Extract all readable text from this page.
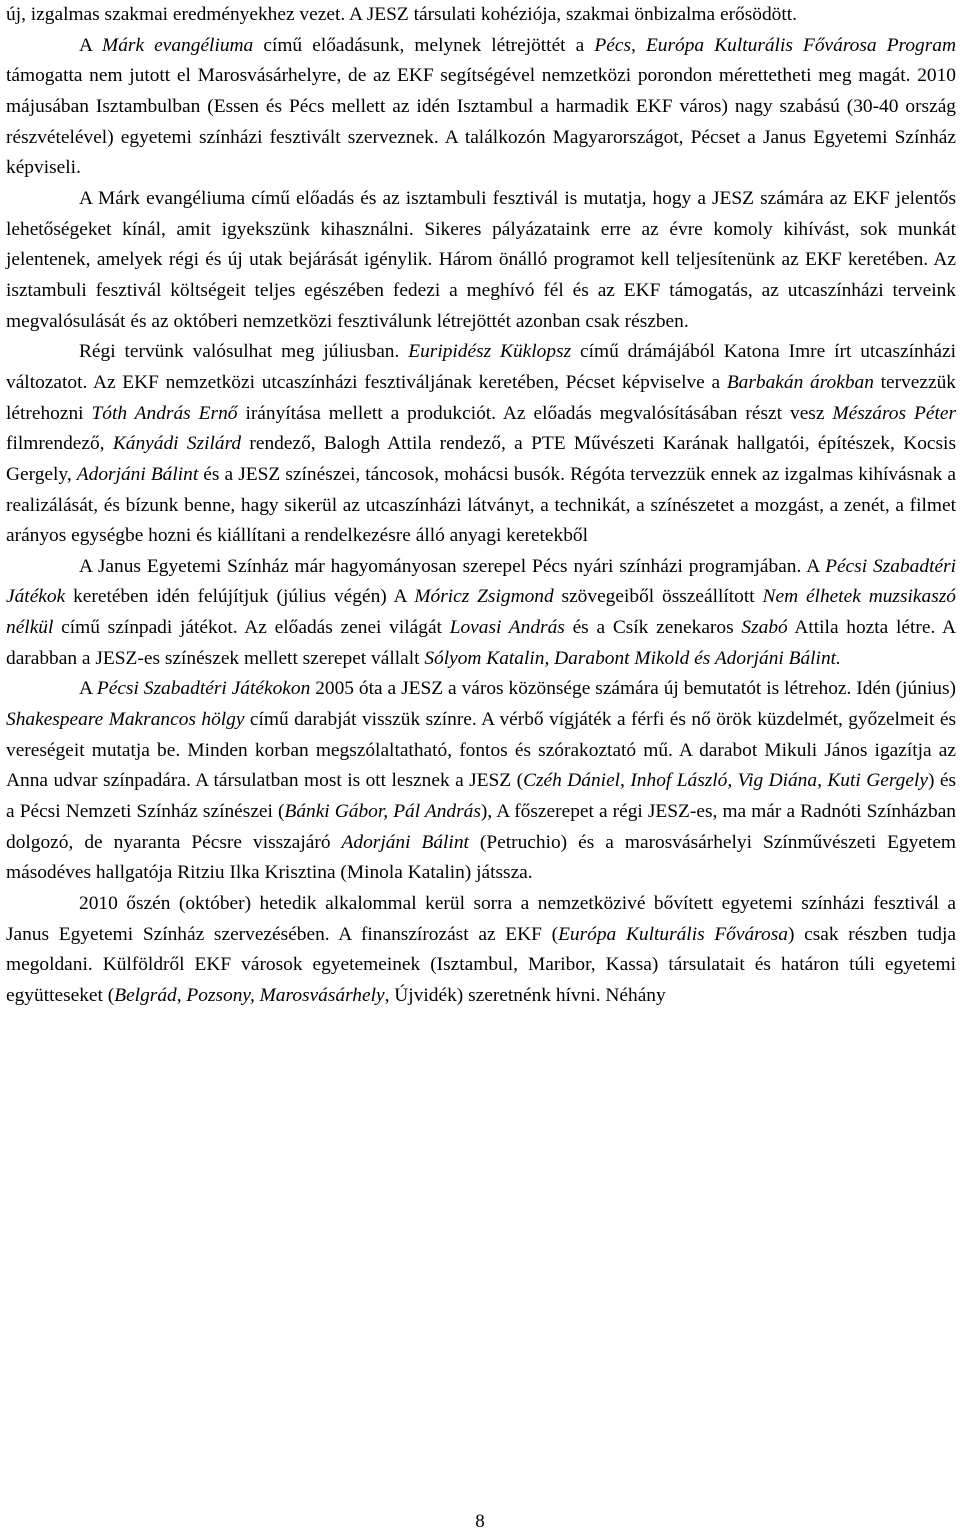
új, izgalmas szakmai eredményekhez vezet. A JESZ társulati kohéziója, szakmai önbizalma erősödött.

A Márk evangéliuma című előadásunk, melynek létrejöttét a Pécs, Európa Kulturális Fővárosa Program támogatta nem jutott el Marosvásárhelyre, de az EKF segítségével nemzetközi porondon mérettetheti meg magát. 2010 májusában Isztambulban (Essen és Pécs mellett az idén Isztambul a harmadik EKF város) nagy szabású (30-40 ország részvételével) egyetemi színházi fesztivált szerveznek. A találkozón Magyarországot, Pécset a Janus Egyetemi Színház képviseli.

A Márk evangéliuma című előadás és az isztambuli fesztivál is mutatja, hogy a JESZ számára az EKF jelentős lehetőségeket kínál, amit igyekszünk kihasználni. Sikeres pályázataink erre az évre komoly kihívást, sok munkát jelentenek, amelyek régi és új utak bejárását igénylik. Három önálló programot kell teljesítenünk az EKF keretében. Az isztambuli fesztivál költségeit teljes egészében fedezi a meghívó fél és az EKF támogatás, az utcaszínházi terveink megvalósulását és az októberi nemzetközi fesztiválunk létrejöttét azonban csak részben.

Régi tervünk valósulhat meg júliusban. Euripidész Küklopsz című drámájából Katona Imre írt utcaszínházi változatot. Az EKF nemzetközi utcaszínházi fesztiváljának keretében, Pécset képviselve a Barbakán árokban tervezzük létrehozni Tóth András Ernő irányítása mellett a produkciót. Az előadás megvalósításában részt vesz Mészáros Péter filmrendező, Kányádi Szilárd rendező, Balogh Attila rendező, a PTE Művészeti Karának hallgatói, építészek, Kocsis Gergely, Adorjáni Bálint és a JESZ színészei, táncosok, mohácsi busók. Régóta tervezzük ennek az izgalmas kihívásnak a realizálását, és bízunk benne, hagy sikerül az utcaszínházi látványt, a technikát, a színészetet a mozgást, a zenét, a filmet arányos egységbe hozni és kiállítani a rendelkezésre álló anyagi keretekből

A Janus Egyetemi Színház már hagyományosan szerepel Pécs nyári színházi programjában. A Pécsi Szabadtéri Játékok keretében idén felújítjuk (július végén) A Móricz Zsigmond szövegeiből összeállított Nem élhetek muzsikaszó nélkül című színpadi játékot. Az előadás zenei világát Lovasi András és a Csík zenekaros Szabó Attila hozta létre. A darabban a JESZ-es színészek mellett szerepet vállalt Sólyom Katalin, Darabont Mikold és Adorjáni Bálint.

A Pécsi Szabadtéri Játékokon 2005 óta a JESZ a város közönsége számára új bemutatót is létrehoz. Idén (június) Shakespeare Makrancos hölgy című darabját visszük színre. A vérbő vígjáték a férfi és nő örök küzdelmét, győzelmeit és vereségeit mutatja be. Minden korban megszólaltatható, fontos és szórakoztató mű. A darabot Mikuli János igazítja az Anna udvar színpadára. A társulatban most is ott lesznek a JESZ (Czéh Dániel, Inhof László, Vig Diána, Kuti Gergely) és a Pécsi Nemzeti Színház színészei (Bánki Gábor, Pál András), A főszerepet a régi JESZ-es, ma már a Radnóti Színházban dolgozó, de nyaranta Pécsre visszajáró Adorjáni Bálint (Petruchio) és a marosvásárhelyi Színművészeti Egyetem másodéves hallgatója Ritziu Ilka Krisztina (Minola Katalin) játssza.

2010 őszén (október) hetedik alkalommal kerül sorra a nemzetközivé bővített egyetemi színházi fesztivál a Janus Egyetemi Színház szervezésében. A finanszírozást az EKF (Európa Kulturális Fővárosa) csak részben tudja megoldani. Külföldről EKF városok egyetemeinek (Isztambul, Maribor, Kassa) társulatait és határon túli egyetemi együtteseket (Belgrád, Pozsony, Marosvásárhely, Újvidék) szeretnénk hívni. Néhány

8
